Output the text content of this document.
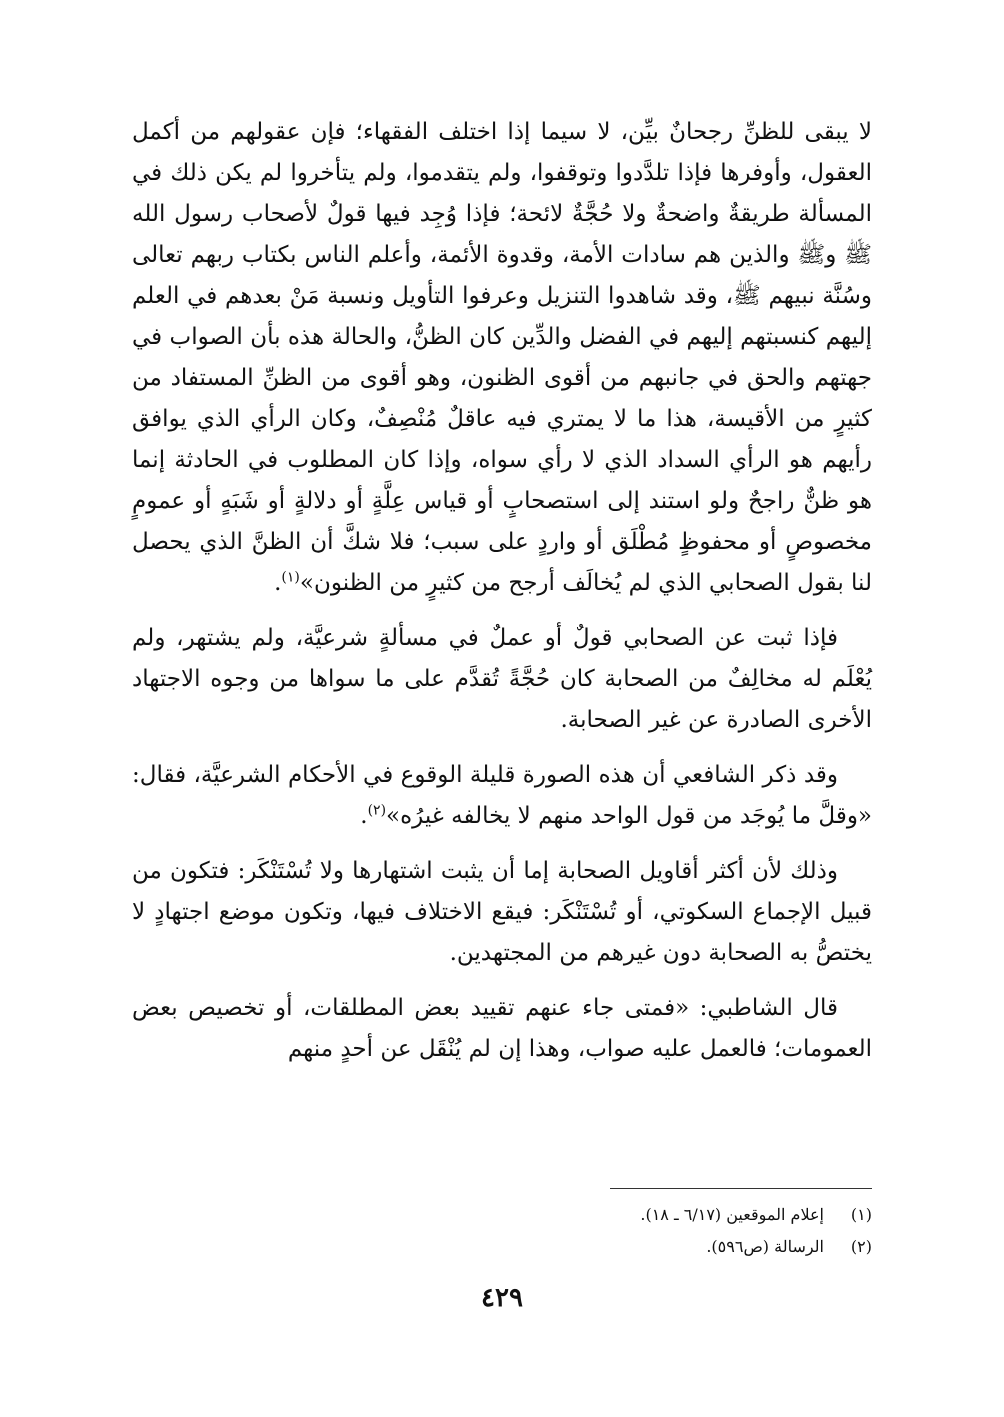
لا يبقى للظنِّ رجحانٌ بيِّن، لا سيما إذا اختلف الفقهاء؛ فإن عقولهم من أكمل العقول، وأوفرها فإذا تلدَّدوا وتوقفوا، ولم يتقدموا، ولم يتأخروا لم يكن ذلك في المسألة طريقةٌ واضحةٌ ولا حُجَّةٌ لائحة؛ فإذا وُجِد فيها قولٌ لأصحاب رسول الله ﷺ وﷺ والذين هم سادات الأمة، وقدوة الأئمة، وأعلم الناس بكتاب ربهم تعالى وسُنَّة نبيهم ﷺ، وقد شاهدوا التنزيل وعرفوا التأويل ونسبة مَنْ بعدهم في العلم إليهم كنسبتهم إليهم في الفضل والدِّين كان الظنُّ، والحالة هذه بأن الصواب في جهتهم والحق في جانبهم من أقوى الظنون، وهو أقوى من الظنِّ المستفاد من كثيرٍ من الأقيسة، هذا ما لا يمتري فيه عاقلٌ مُنْصِفٌ، وكان الرأي الذي يوافق رأيهم هو الرأي السداد الذي لا رأي سواه، وإذا كان المطلوب في الحادثة إنما هو ظنٌّ راجحٌ ولو استند إلى استصحابٍ أو قياس عِلَّةٍ أو دلالةٍ أو شَبَهٍ أو عمومٍ مخصوصٍ أو محفوظٍ مُطْلَق أو واردٍ على سبب؛ فلا شكَّ أن الظنَّ الذي يحصل لنا بقول الصحابي الذي لم يُخالَف أرجح من كثيرٍ من الظنون»$^{(١)}$.

فإذا ثبت عن الصحابي قولٌ أو عملٌ في مسألةٍ شرعيَّة، ولم يشتهر، ولم يُعْلَم له مخالِفٌ من الصحابة كان حُجَّةً تُقدَّم على ما سواها من وجوه الاجتهاد الأخرى الصادرة عن غير الصحابة.

وقد ذكر الشافعي أن هذه الصورة قليلة الوقوع في الأحكام الشرعيَّة، فقال: «وقلَّ ما يُوجَد من قول الواحد منهم لا يخالفه غيرُه»$^{(٢)}$.

وذلك لأن أكثر أقاويل الصحابة إما أن يثبت اشتهارها ولا تُسْتَنْكَر: فتكون من قبيل الإجماع السكوتي، أو تُسْتَنْكَر: فيقع الاختلاف فيها، وتكون موضع اجتهادٍ لا يختصُّ به الصحابة دون غيرهم من المجتهدين.

قال الشاطبي: «فمتى جاء عنهم تقييد بعض المطلقات، أو تخصيص بعض العمومات؛ فالعمل عليه صواب، وهذا إن لم يُنْقَل عن أحدٍ منهم

(١)
إعلام الموقعين (٦/١٧ ـ ١٨).

(٢)
الرسالة (ص٥٩٦).

٤٢٩
